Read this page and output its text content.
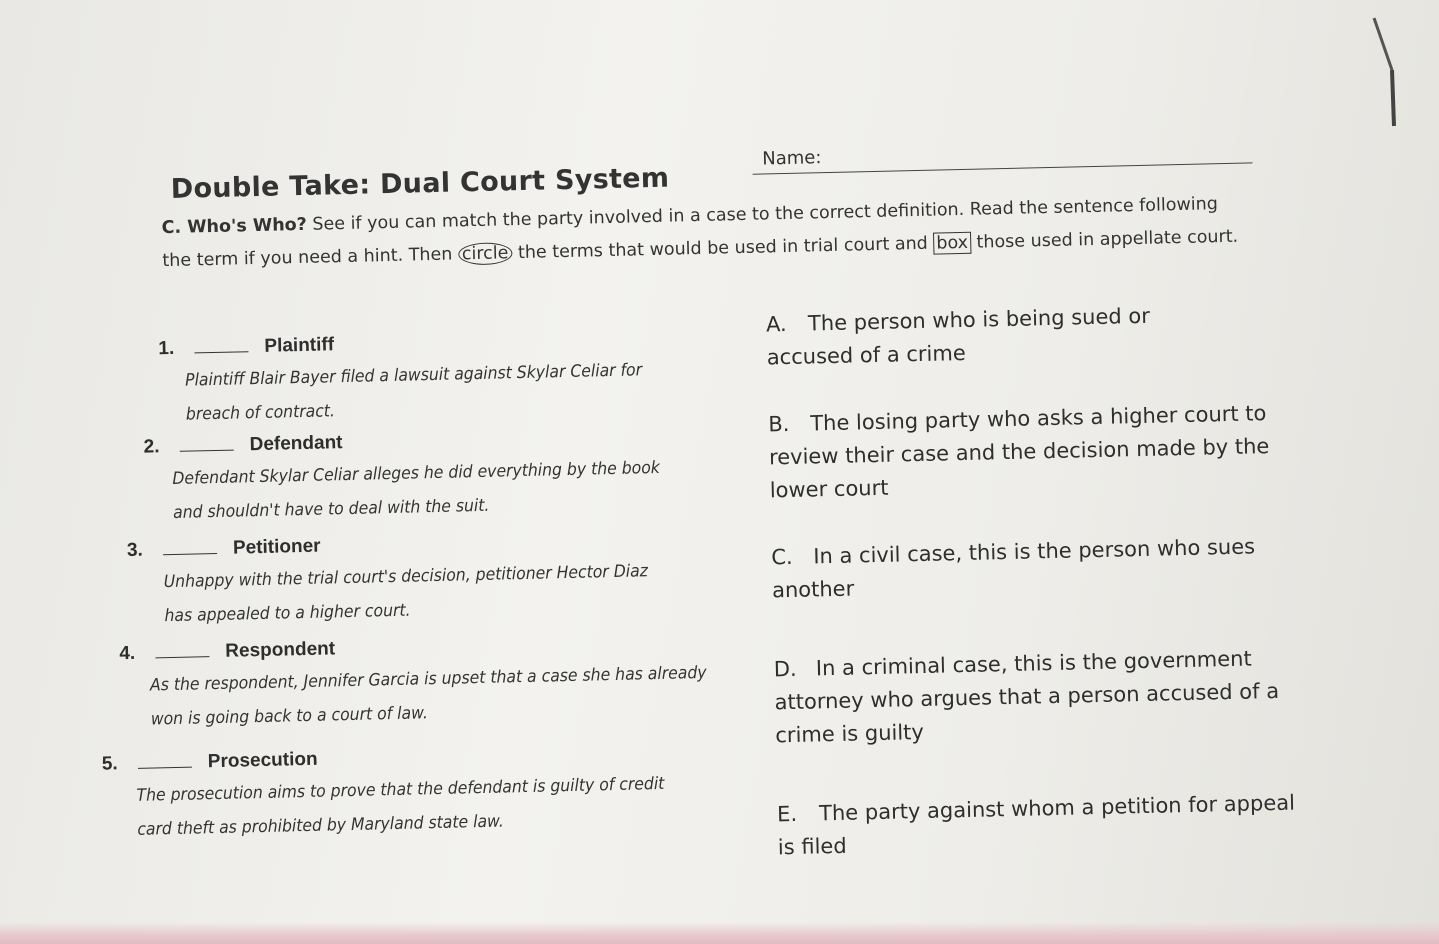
Double Take: Dual Court System
Name:
C. Who's Who? See if you can match the party involved in a case to the correct definition. Read the sentence following the term if you need a hint. Then circle the terms that would be used in trial court and box those used in appellate court.
1.	Plaintiff
Plaintiff Blair Bayer filed a lawsuit against Skylar Celiar for breach of contract.
2.	Defendant
Defendant Skylar Celiar alleges he did everything by the book and shouldn't have to deal with the suit.
3.	Petitioner
Unhappy with the trial court's decision, petitioner Hector Diaz has appealed to a higher court.
4.	Respondent
As the respondent, Jennifer Garcia is upset that a case she has already won is going back to a court of law.
5.	Prosecution
The prosecution aims to prove that the defendant is guilty of credit card theft as prohibited by Maryland state law.
A. The person who is being sued or accused of a crime
B. The losing party who asks a higher court to review their case and the decision made by the lower court
C. In a civil case, this is the person who sues another
D. In a criminal case, this is the government attorney who argues that a person accused of a crime is guilty
E. The party against whom a petition for appeal is filed
